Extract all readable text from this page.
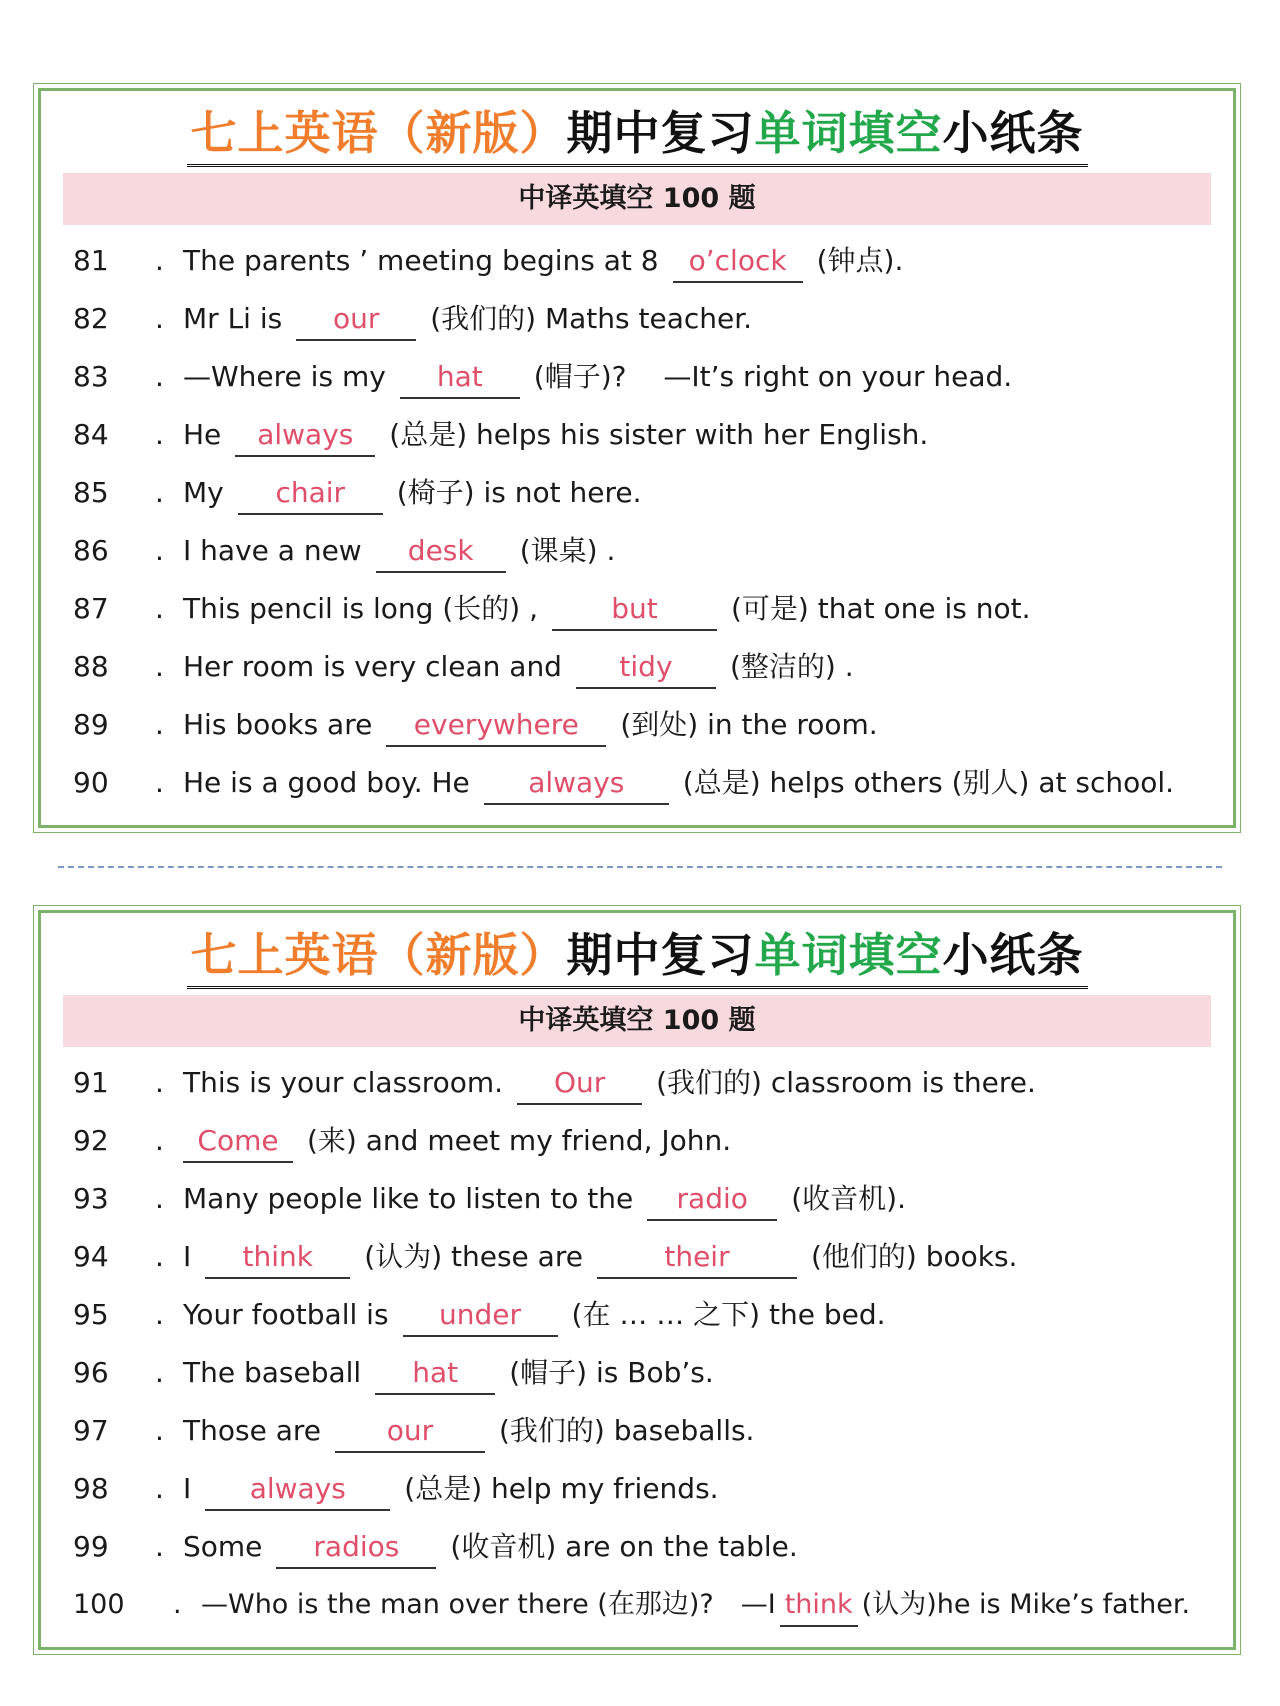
七上英语（新版）期中复习单词填空小纸条
中译英填空 100 题
81	. The parents ’ meeting begins at 8	o’clock	(钟点).
82	. Mr Li is	our	(我们的) Maths teacher.
83	. —Where is my	hat	(帽子)?　 —It’s right on your head.
84	. He	always	(总是) helps his sister with her English.
85	. My	chair	(椅子) is not here.
86	. I have a new	desk	(课桌) .
87	. This pencil is long (长的) ,	but	(可是) that one is not.
88	. Her room is very clean and	tidy	(整洁的) .
89	. His books are	everywhere	(到处) in the room.
90	. He is a good boy. He	always	(总是) helps others (别人) at school.
七上英语（新版）期中复习单词填空小纸条
中译英填空 100 题
91	. This is your classroom.	Our	(我们的) classroom is there.
92	.	Come	(来) and meet my friend, John.
93	. Many people like to listen to the	radio	(收音机).
94	. I	think	(认为) these are	their	(他们的) books.
95	. Your football is	under	(在 … … 之下) the bed.
96	. The baseball	hat	(帽子) is Bob’s.
97	. Those are	our	(我们的) baseballs.
98	. I	always	(总是) help my friends.
99	. Some	radios	(收音机) are on the table.
100	. —Who is the man over there (在那边)?　—I think (认为)he is Mike’s father.
